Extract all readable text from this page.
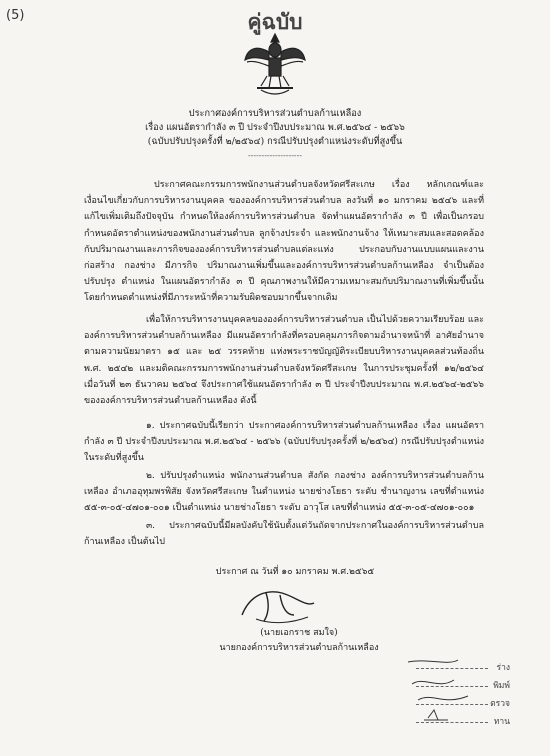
(5)	คู่ฉบับ
ประกาศองค์การบริหารส่วนตำบลก้านเหลือง
เรื่อง แผนอัตรากำลัง ๓ ปี ประจำปีงบประมาณ พ.ศ.๒๕๖๔ - ๒๕๖๖
(ฉบับปรับปรุงครั้งที่ ๒/๒๕๖๔) กรณีปรับปรุงตำแหน่งระดับที่สูงขึ้น
--------------------
ประกาศคณะกรรมการพนักงานส่วนตำบลจังหวัดศรีสะเกษ เรื่อง หลักเกณฑ์และเงื่อนไขเกี่ยวกับการบริหารงานบุคคล ขององค์การบริหารส่วนตำบล ลงวันที่ ๑๐ มกราคม ๒๕๔๖ และที่แก้ไขเพิ่มเติมถึงปัจจุบัน กำหนดให้องค์การบริหารส่วนตำบล จัดทำแผนอัตรากำลัง ๓ ปี เพื่อเป็นกรอบกำหนดอัตราตำแหน่งของพนักงานส่วนตำบล ลูกจ้างประจำ และพนักงานจ้าง ให้เหมาะสมและสอดคล้องกับปริมาณงานและภารกิจขององค์การบริหารส่วนตำบลแต่ละแห่ง ประกอบกับงานแบบแผนและงานก่อสร้าง กองช่าง มีภารกิจ ปริมาณงานเพิ่มขึ้นและองค์การบริหารส่วนตำบลก้านเหลือง จำเป็นต้องปรับปรุง ตำแหน่ง ในแผนอัตรากำลัง ๓ ปี คุณภาพงานให้มีความเหมาะสมกับปริมาณงานที่เพิ่มขึ้นนั้น โดยกำหนดตำแหน่งที่มีภาระหน้าที่ความรับผิดชอบมากขึ้นจากเดิม
เพื่อให้การบริหารงานบุคคลขององค์การบริหารส่วนตำบล เป็นไปด้วยความเรียบร้อย และองค์การบริหารส่วนตำบลก้านเหลือง มีแผนอัตรากำลังที่ครอบคลุมภารกิจตามอำนาจหน้าที่ อาศัยอำนาจตามความนัยมาตรา ๑๕ และ ๒๕ วรรคท้าย แห่งพระราชบัญญัติระเบียบบริหารงานบุคคลส่วนท้องถิ่น พ.ศ. ๒๕๔๒ และมติคณะกรรมการพนักงานส่วนตำบลจังหวัดศรีสะเกษ ในการประชุมครั้งที่ ๑๒/๒๕๖๔ เมื่อวันที่ ๒๓ ธันวาคม ๒๕๖๔ จึงประกาศใช้แผนอัตรากำลัง ๓ ปี ประจำปีงบประมาณ พ.ศ.๒๕๖๔-๒๕๖๖ ขององค์การบริหารส่วนตำบลก้านเหลือง ดังนี้
๑. ประกาศฉบับนี้เรียกว่า ประกาศองค์การบริหารส่วนตำบลก้านเหลือง เรื่อง แผนอัตรากำลัง ๓ ปี ประจำปีงบประมาณ พ.ศ.๒๕๖๔ - ๒๕๖๖ (ฉบับปรับปรุงครั้งที่ ๒/๒๕๖๔) กรณีปรับปรุงตำแหน่งในระดับที่สูงขึ้น
๒. ปรับปรุงตำแหน่ง พนักงานส่วนตำบล สังกัด กองช่าง องค์การบริหารส่วนตำบลก้านเหลือง อำเภออุทุมพรพิสัย จังหวัดศรีสะเกษ ในตำแหน่ง นายช่างโยธา ระดับ ชำนาญงาน เลขที่ตำแหน่ง ๕๕-๓-๐๕-๔๗๐๑-๐๐๑ เป็นตำแหน่ง นายช่างโยธา ระดับ อาวุโส เลขที่ตำแหน่ง ๕๕-๓-๐๕-๔๗๐๑-๐๐๑
๓. ประกาศฉบับนี้มีผลบังคับใช้นับตั้งแต่วันถัดจากประกาศในองค์การบริหารส่วนตำบลก้านเหลือง เป็นต้นไป
ประกาศ ณ วันที่ ๑๐ มกราคม พ.ศ.๒๕๖๕
(นายเอกราช สมใจ)
นายกองค์การบริหารส่วนตำบลก้านเหลือง
ร่าง
พิมพ์
ตรวจ
ทาน
